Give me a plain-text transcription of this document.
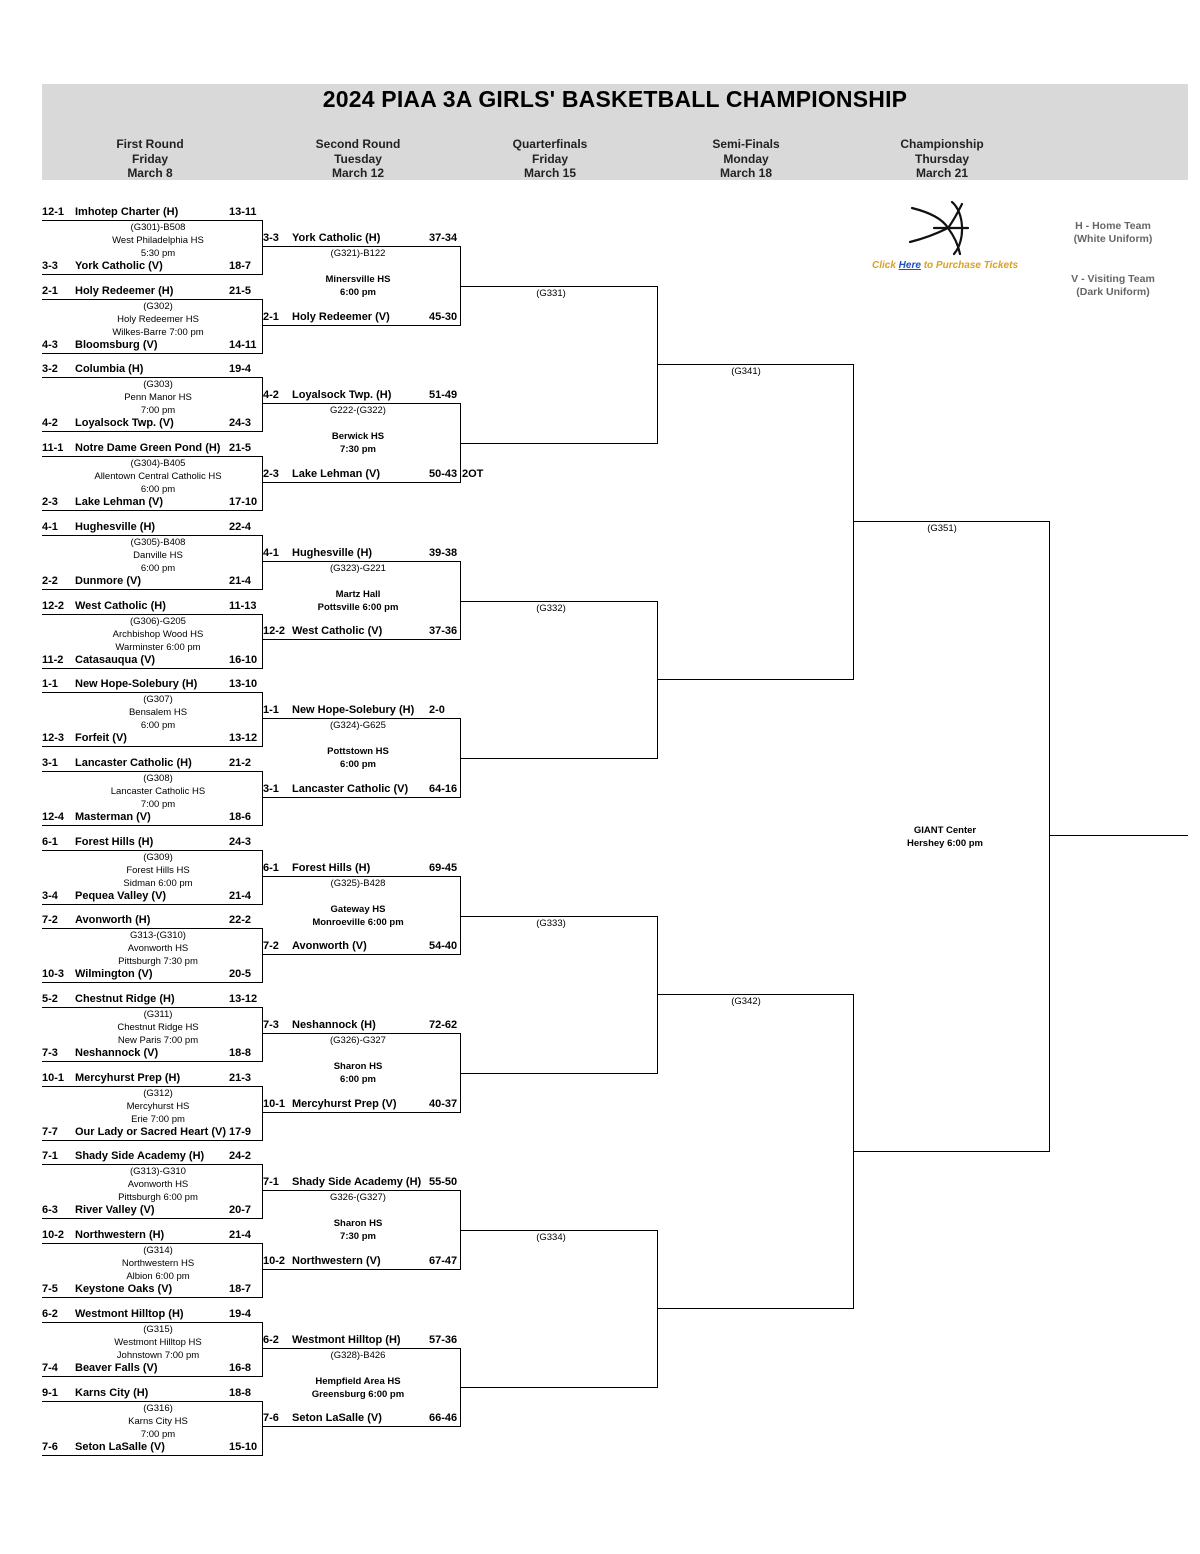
2024 PIAA 3A GIRLS' BASKETBALL CHAMPIONSHIP
First Round
Friday
March 8
Second Round
Tuesday
March 12
Quarterfinals
Friday
March 15
Semi-Finals
Monday
March 18
Championship
Thursday
March 21
Click Here to Purchase Tickets
H - Home Team
(White Uniform)
V - Visiting Team
(Dark Uniform)
GIANT Center
Hershey 6:00 pm
12-1 Imhotep Charter (H)	13-11
3-3 York Catholic (V)	18-7
(G301)-B508
West Philadelphia HS
5:30 pm
2-1 Holy Redeemer (H)	21-5
4-3 Bloomsburg (V)	14-11
(G302)
Holy Redeemer HS
Wilkes-Barre 7:00 pm
3-2 Columbia (H)	19-4
4-2 Loyalsock Twp. (V)	24-3
(G303)
Penn Manor HS
7:00 pm
11-1 Notre Dame Green Pond (H) 21-5
2-3 Lake Lehman (V)	17-10
(G304)-B405
Allentown Central Catholic HS
6:00 pm
4-1 Hughesville (H)	22-4
2-2 Dunmore (V)	21-4
(G305)-B408
Danville HS
6:00 pm
12-2 West Catholic (H)	11-13
11-2 Catasauqua (V)	16-10
(G306)-G205
Archbishop Wood HS
Warminster 6:00 pm
1-1 New Hope-Solebury (H)	13-10
12-3 Forfeit (V)	13-12
(G307)
Bensalem HS
6:00 pm
3-1 Lancaster Catholic (H)	21-2
12-4 Masterman (V)	18-6
(G308)
Lancaster Catholic HS
7:00 pm
6-1 Forest Hills (H)	24-3
3-4 Pequea Valley (V)	21-4
(G309)
Forest Hills HS
Sidman 6:00 pm
7-2 Avonworth (H)	22-2
10-3 Wilmington (V)	20-5
G313-(G310)
Avonworth HS
Pittsburgh 7:30 pm
5-2 Chestnut Ridge (H)	13-12
7-3 Neshannock (V)	18-8
(G311)
Chestnut Ridge HS
New Paris 7:00 pm
10-1 Mercyhurst Prep (H)	21-3
7-7 Our Lady or Sacred Heart (V) 17-9
(G312)
Mercyhurst HS
Erie 7:00 pm
7-1 Shady Side Academy (H) 24-2
6-3 River Valley (V)	20-7
(G313)-G310
Avonworth HS
Pittsburgh 6:00 pm
10-2 Northwestern (H)	21-4
7-5 Keystone Oaks (V)	18-7
(G314)
Northwestern HS
Albion 6:00 pm
6-2 Westmont Hilltop (H)	19-4
7-4 Beaver Falls (V)	16-8
(G315)
Westmont Hilltop HS
Johnstown 7:00 pm
9-1 Karns City (H)	18-8
7-6 Seton LaSalle (V)	15-10
(G316)
Karns City HS
7:00 pm
3-3 York Catholic (H)	37-34
2-1 Holy Redeemer (V)	45-30
(G321)-B122
Minersville HS
6:00 pm
4-2 Loyalsock Twp. (H)	51-49
2-3 Lake Lehman (V)	50-43 2OT
G222-(G322)
Berwick HS
7:30 pm
4-1 Hughesville (H)	39-38
12-2 West Catholic (V)	37-36
(G323)-G221
Martz Hall
Pottsville 6:00 pm
1-1 New Hope-Solebury (H) 2-0
3-1 Lancaster Catholic (V) 64-16
(G324)-G625
Pottstown HS
6:00 pm
6-1 Forest Hills (H)	69-45
7-2 Avonworth (V)	54-40
(G325)-B428
Gateway HS
Monroeville 6:00 pm
7-3 Neshannock (H)	72-62
10-1 Mercyhurst Prep (V)	40-37
(G326)-G327
Sharon HS
6:00 pm
7-1 Shady Side Academy (H) 55-50
10-2 Northwestern (V)	67-47
G326-(G327)
Sharon HS
7:30 pm
6-2 Westmont Hilltop (H)	57-36
7-6 Seton LaSalle (V)	66-46
(G328)-B426
Hempfield Area HS
Greensburg 6:00 pm
(G331)
(G332)
(G333)
(G334)
(G341)
(G342)
(G351)
